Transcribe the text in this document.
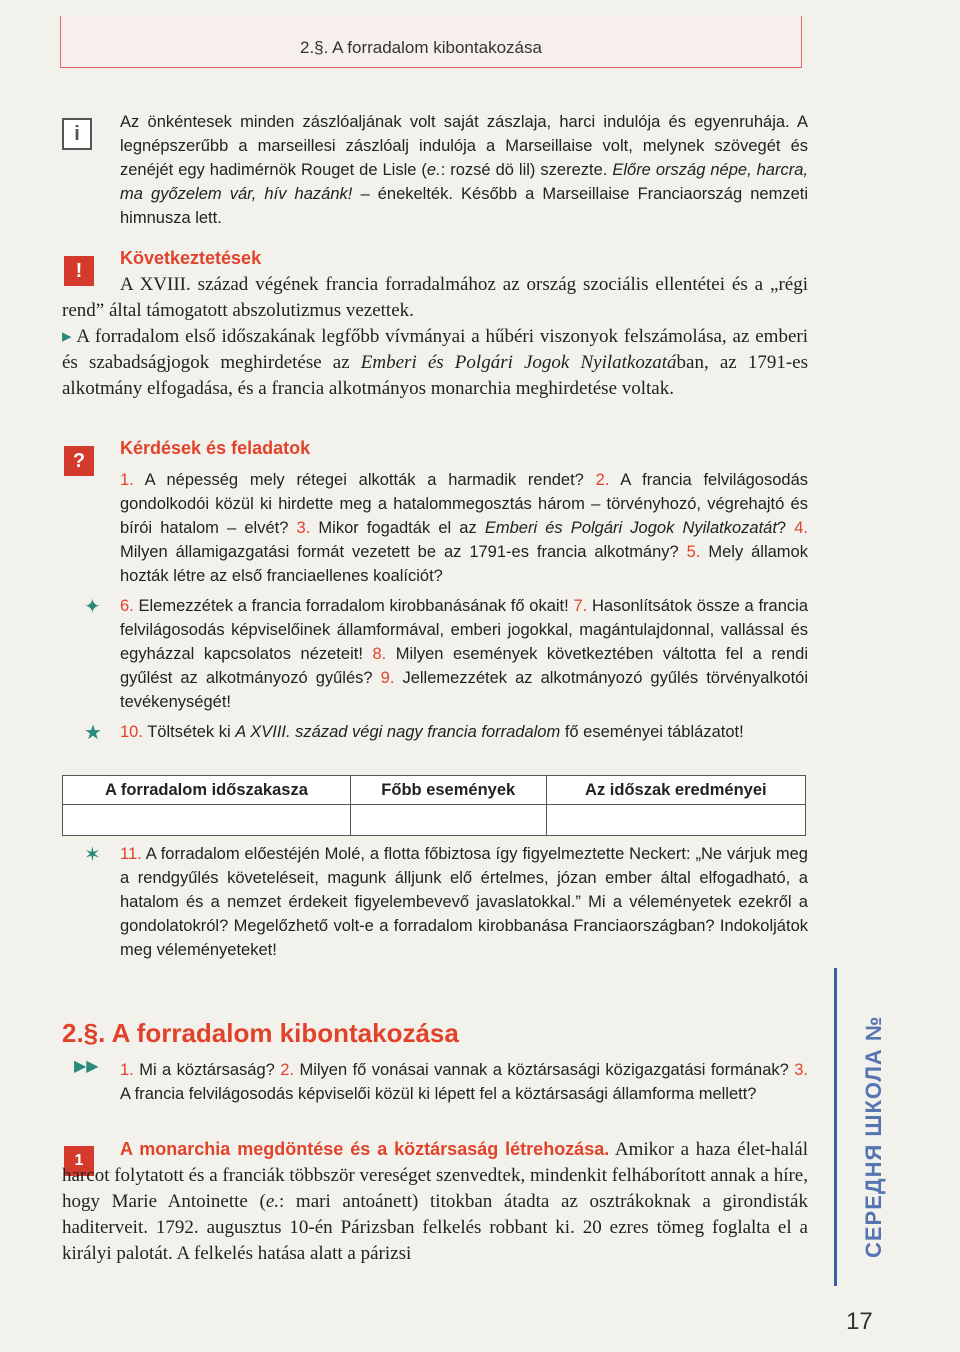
2.§. A forradalom kibontakozása
i
Az önkéntesek minden zászlóaljának volt saját zászlaja, harci indulója és egyenruhája. A legnépszerűbb a marseillesi zászlóalj indulója a Marseillaise volt, melynek szövegét és zenéjét egy hadimérnök Rouget de Lisle (e.: rozsé dö lil) szerezte. Előre ország népe, harcra, ma győzelem vár, hív hazánk! – énekelték. Később a Marseillaise Franciaország nemzeti himnusza lett.
!
Következtetések
A XVIII. század végének francia forradalmához az ország szociális ellentétei és a „régi rend” által támogatott abszolutizmus vezettek.
▸ A forradalom első időszakának legfőbb vívmányai a hűbéri viszonyok felszámolása, az emberi és szabadságjogok meghirdetése az Emberi és Polgári Jogok Nyilatkozatában, az 1791-es alkotmány elfogadása, és a francia alkotmányos monarchia meghirdetése voltak.
?
Kérdések és feladatok
1. A népesség mely rétegei alkották a harmadik rendet? 2. A francia felvilágosodás gondolkodói közül ki hirdette meg a hatalommegosztás három – törvényhozó, végrehajtó és bírói hatalom – elvét? 3. Mikor fogadták el az Emberi és Polgári Jogok Nyilatkozatát? 4. Milyen államigazgatási formát vezetett be az 1791-es francia alkotmány? 5. Mely államok hozták létre az első franciaellenes koalíciót?
✦ 6. Elemezzétek a francia forradalom kirobbanásának fő okait! 7. Hasonlítsátok össze a francia felvilágosodás képviselőinek államformával, emberi jogokkal, magántulajdonnal, vallással és egyházzal kapcsolatos nézeteit! 8. Milyen események következtében váltotta fel a rendi gyűlést az alkotmányozó gyűlés? 9. Jellemezzétek az alkotmányozó gyűlés törvényalkotói tevékenységét!
★ 10. Töltsétek ki A XVIII. század végi nagy francia forradalom fő eseményei táblázatot!
A forradalom időszakasza	Főbb események	Az időszak eredményei

✶ 11. A forradalom előestéjén Molé, a flotta főbiztosa így figyelmeztette Neckert: „Ne várjuk meg a rendgyűlés követeléseit, magunk álljunk elő értelmes, józan ember által elfogadható, a hatalom és a nemzet érdekeit figyelembevevő javaslatokkal.” Mi a véleményetek ezekről a gondolatokról? Megelőzhető volt-e a forradalom kirobbanása Franciaországban? Indokoljátok meg véleményeteket!
2.§. A forradalom kibontakozása
▶▶ 1. Mi a köztársaság? 2. Milyen fő vonásai vannak a köztársasági közigazgatási formának? 3. A francia felvilágosodás képviselői közül ki lépett fel a köztársasági államforma mellett?
1
A monarchia megdöntése és a köztársaság létrehozása. Amikor a haza élet-halál harcot folytatott és a franciák többször vereséget szenvedtek, mindenkit felháborított annak a híre, hogy Marie Antoinette (e.: mari antoánett) titokban átadta az osztrákoknak a girondisták haditerveit. 1792. augusztus 10-én Párizsban felkelés robbant ki. 20 ezres tömeg foglalta el a királyi palotát. A felkelés hatása alatt a párizsi	СЕРЕДНЯ ШКОЛА №
17
